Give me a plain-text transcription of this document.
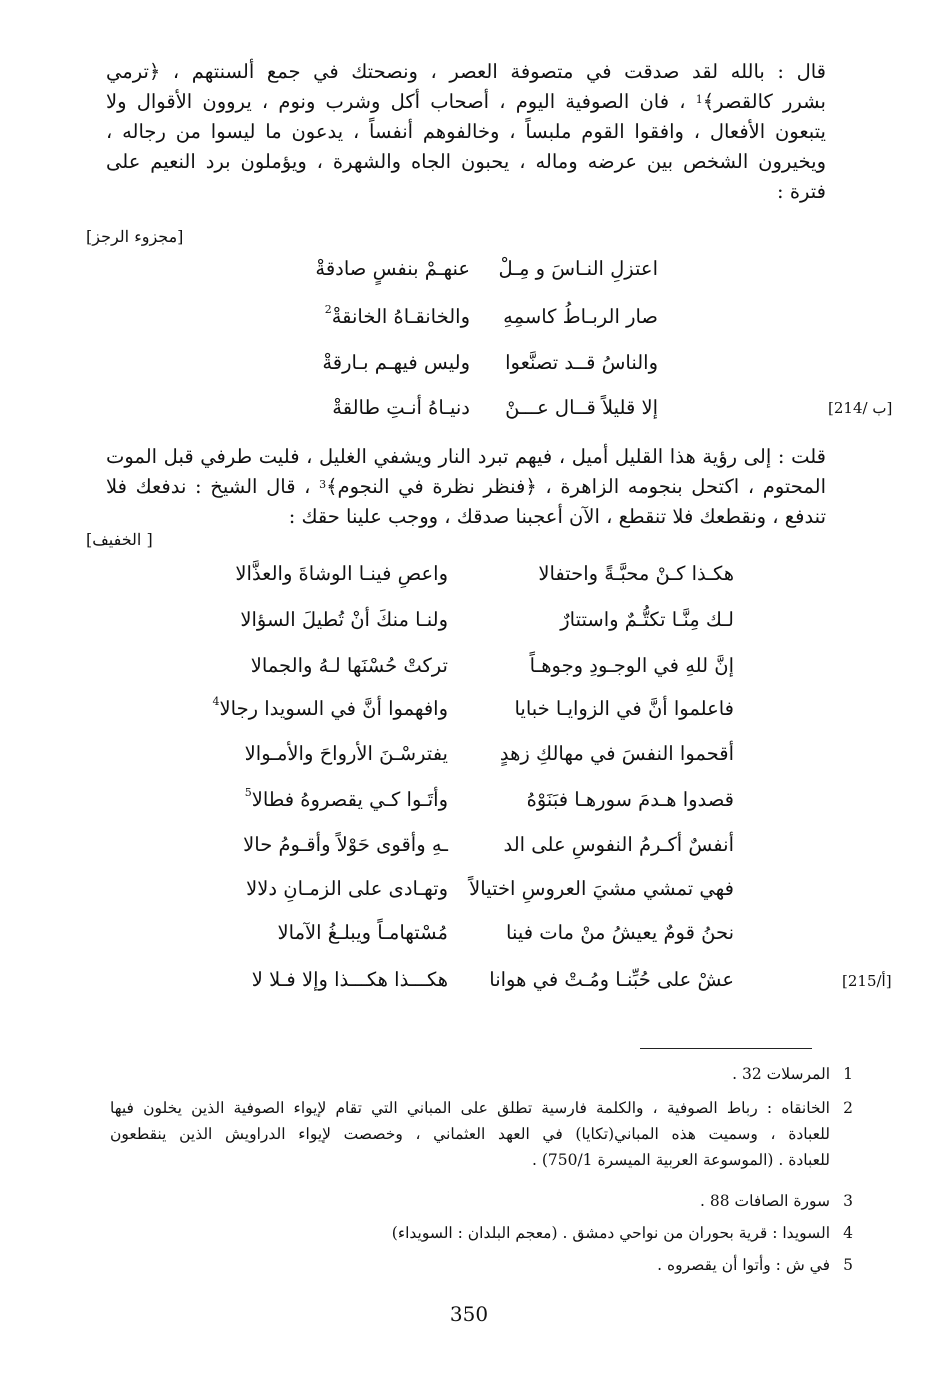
قال : بالله لقد صدقت في متصوفة العصر ، ونصحتك في جمع ألسنتهم ، ﴿ترمي
بشرر كالقصر﴾$^1$ ، فان الصوفية اليوم ، أصحاب أكل وشرب ونوم ، يروون الأقوال ولا
يتبعون الأفعال ، وافقوا القوم ملبساً ، وخالفوهم أنفساً ، يدعون ما ليسوا من رجاله ،
ويخيرون الشخص بين عرضه وماله ، يحبون الجاه والشهرة ، ويؤملون برد النعيم على
فترة :
[مجزوء الرجز]
اعتزلِ النـاسَ و مِـلْ
عنهـمْ بنفسٍ صادقةْ
صار الربـاطُ كاسمِهِ
والخانقـاهُ الخانقةْ$^2$
والناسُ قــد تصنَّعوا
وليس فيهـم بـارقةْ
إلا قليلاً قــال عـــنْ
دنيـاهُ أنـتِ طالقةْ	[214/ ب]
قلت : إلى رؤية هذا القليل أميل ، فيهم تبرد النار ويشفي الغليل ، فليت طرفي قبل الموت
المحتوم ، اكتحل بنجومه الزاهرة ، ﴿فنظر نظرة في النجوم﴾$^3$ ، قال الشيخ : ندفعك فلا
تندفع ، ونقطعك فلا تنقطع ، الآن أعجبنا صدقك ، ووجب علينا حقك :
[ الخفيف]
هكـذا كـنْ محبَّـةً واحتفالا
واعصِ فينـا الوشاةَ والعذَّالا
لـك مِنَّـا تكتُّـمٌ واستتارٌ
ولنـا منكَ أنْ تُطيلَ السؤالا
إنَّ للهِ في الوجـودِ وجوهـاً
تركتْ حُسْنَها لـهُ والجمالا
فاعلموا أنَّ في الزوايـا خبايا
وافهموا أنَّ في السويدا رجالا$^4$
أقحموا النفسَ في مهالكِ زهدٍ
يفترسْـنَ الأرواحَ والأمـوالا
قصدوا هـدمَ سورهـا فبَنَوْهُ
وأتَـوا كـي يقصروهُ فطالا$^5$
أنفسٌ أكـرمُ النفوسِ على الد
ـهِ وأقوى حَوْلاً وأقـومُ حالا
فهي تمشي مشيَ العروسِ اختيالاً
وتهـادى على الزمـانِ دلالا
نحنُ قومٌ يعيشُ منْ مات فينا
مُسْتهامـاً ويبلـغُ الآمالا
عشْ على حُبِّنـا ومُـتْ في هوانا
هكـــذا هكـــذا وإلا فـلا لا	[215/أ]
1
المرسلات 32 .
2
الخانقاه : رباط الصوفية ، والكلمة فارسية تطلق على المباني التي تقام لإيواء الصوفية الذين يخلون فيها
للعبادة ، وسميت هذه المباني(تكايا) في العهد العثماني ، وخصصت لإيواء الدراويش الذين ينقطعون
للعبادة . (الموسوعة العربية الميسرة 750/1) .
3
سورة الصافات 88 .
4
السويدا : قرية بحوران من نواحي دمشق . (معجم البلدان : السويداء)
5
في ش : وأتوا أن يقصروه .
350
